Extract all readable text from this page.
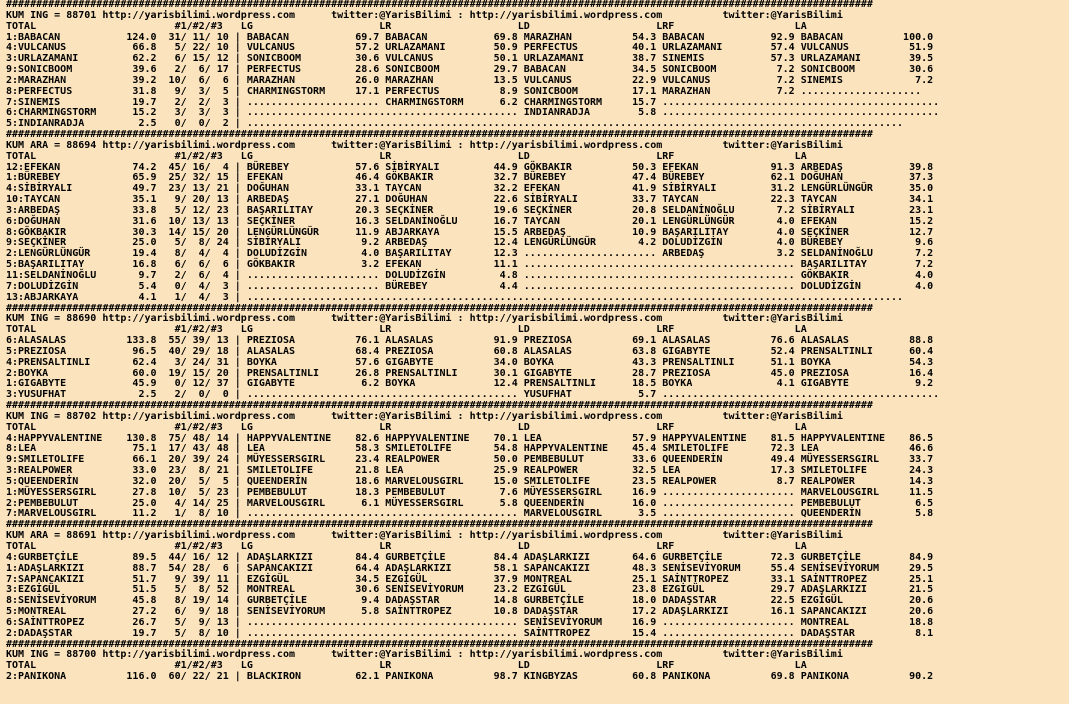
################################################################################################################################################
KUM ING = 88701 http://yarisbilimi.wordpress.com      twitter:@YarisBilimi : http://yarisbilimi.wordpress.com          twitter:@YarisBilimi
TOTAL                       #1/#2/#3   LG                     LR                     LD                     LRF                    LA
1:BABACAN           124.0  31/ 11/ 10 | BABACAN           69.7 BABACAN           69.8 MARAZHAN          54.3 BABACAN           92.9 BABACAN          100.0
4:VULCANUS           66.8   5/ 22/ 10 | VULCANUS          57.2 URLAZAMANI        50.9 PERFECTUS         40.1 URLAZAMANI        57.4 VULCANUS          51.9
3:URLAZAMANI         62.2   6/ 15/ 12 | SONICBOOM         30.6 VULCANUS          50.1 URLAZAMANI        38.7 SINEMIS           57.3 URLAZAMANI        39.5
9:SONICBOOM          39.6   2/  6/ 17 | PERFECTUS         28.6 SONICBOOM         29.7 BABACAN           34.5 SONICBOOM          7.2 SONICBOOM         30.6
2:MARAZHAN           39.2  10/  6/  6 | MARAZHAN          26.0 MARAZHAN          13.5 VULCANUS          22.9 VULCANUS           7.2 SINEMIS            7.2
8:PERFECTUS          31.8   9/  3/  5 | CHARMINGSTORM     17.1 PERFECTUS          8.9 SONICBOOM         17.1 MARAZHAN           7.2 ....................
7:SINEMIS            19.7   2/  2/  3 | ...................... CHARMINGSTORM      6.2 CHARMINGSTORM     15.7 ..............................................
6:CHARMINGSTORM      15.2   3/  3/  3 | ............................................. INDIANRADJA        5.8 ..............................................
5:INDIANRADJA         2.5   0/  0/  2 | .............................................................................................................
################################################################################################################################################
KUM ARA = 88694 http://yarisbilimi.wordpress.com      twitter:@YarisBilimi : http://yarisbilimi.wordpress.com          twitter:@YarisBilimi
TOTAL                       #1/#2/#3   LG                     LR                     LD                     LRF                    LA
12:EFEKAN            74.2  45/ 16/  4 | BÜREBEY           57.6 SİBİRYALI         44.9 GÖKBAKIR          50.3 EFEKAN            91.3 ARBEDAŞ           39.8
1:BÜREBEY            65.9  25/ 32/ 15 | EFEKAN            46.4 GÖKBAKIR          32.7 BÜREBEY           47.4 BÜREBEY           62.1 DOĞUHAN           37.3
4:SİBİRYALI          49.7  23/ 13/ 21 | DOĞUHAN           33.1 TAYCAN            32.2 EFEKAN            41.9 SİBİRYALI         31.2 LENGÜRLÜNGÜR      35.0
10:TAYCAN            35.1   9/ 20/ 13 | ARBEDAŞ           27.1 DOĞUHAN           22.6 SİBİRYALI         33.7 TAYCAN            22.3 TAYCAN            34.1
3:ARBEDAŞ            33.8   5/ 12/ 23 | BAŞARILITAY       20.3 SEÇKİNER          19.6 SEÇKİNER          20.8 SELDANİNOĞLU       7.2 SİBİRYALI         23.1
6:DOĞUHAN            31.6  10/ 13/ 13 | SEÇKİNER          16.3 SELDANİNOĞLU      16.7 TAYCAN            20.1 LENGÜRLÜNGÜR       4.0 EFEKAN            15.2
8:GÖKBAKIR           30.3  14/ 15/ 20 | LENGÜRLÜNGÜR      11.9 ABJARKAYA         15.5 ARBEDAŞ           10.9 BAŞARILITAY        4.0 SEÇKİNER          12.7
9:SEÇKİNER           25.0   5/  8/ 24 | SİBİRYALI          9.2 ARBEDAŞ           12.4 LENGÜRLÜNGÜR       4.2 DOLUDİZGİN         4.0 BÜREBEY            9.6
2:LENGÜRLÜNGÜR       19.4   8/  4/  4 | DOLUDİZGİN         4.0 BAŞARILITAY       12.3 ...................... ARBEDAŞ            3.2 SELDANİNOĞLU       7.2
5:BAŞARILITAY        16.8   6/  6/  6 | GÖKBAKIR           3.2 EFEKAN            11.1 ............................................. BAŞARILITAY        7.2
11:SELDANİNOĞLU       9.7   2/  6/  4 | ...................... DOLUDİZGİN         4.8 ............................................. GÖKBAKIR           4.0
7:DOLUDİZGİN          5.4   0/  4/  3 | ...................... BÜREBEY            4.4 ............................................. DOLUDİZGİN         4.0
13:ABJARKAYA          4.1   1/  4/  3 | .............................................................................................................
################################################################################################################################################
KUM ING = 88690 http://yarisbilimi.wordpress.com      twitter:@YarisBilimi : http://yarisbilimi.wordpress.com          twitter:@YarisBilimi
TOTAL                       #1/#2/#3   LG                     LR                     LD                     LRF                    LA
6:ALASALAS          133.8  55/ 39/ 13 | PREZIOSA          76.1 ALASALAS          91.9 PREZIOSA          69.1 ALASALAS          76.6 ALASALAS          88.8
5:PREZIOSA           96.5  40/ 29/ 18 | ALASALAS          68.4 PREZIOSA          60.8 ALASALAS          63.8 GIGABYTE          52.4 PRENSALTINLI      60.4
4:PRENSALTINLI       62.4   3/ 24/ 31 | BOYKA             57.6 GIGABYTE          34.0 BOYKA             43.3 PRENSALTINLI      51.1 BOYKA             54.3
2:BOYKA              60.0  19/ 15/ 20 | PRENSALTINLI      26.8 PRENSALTINLI      30.1 GIGABYTE          28.7 PREZIOSA          45.0 PREZIOSA          16.4
1:GIGABYTE           45.9   0/ 12/ 37 | GIGABYTE           6.2 BOYKA             12.4 PRENSALTINLI      18.5 BOYKA              4.1 GIGABYTE           9.2
3:YUSUFHAT            2.5   2/  0/  0 | ............................................. YUSUFHAT           5.7 ..............................................
################################################################################################################################################
KUM ING = 88702 http://yarisbilimi.wordpress.com      twitter:@YarisBilimi : http://yarisbilimi.wordpress.com          twitter:@YarisBilimi
TOTAL                       #1/#2/#3   LG                     LR                     LD                     LRF                    LA
4:HAPPYVALENTINE    130.8  75/ 48/ 14 | HAPPYVALENTINE    82.6 HAPPYVALENTINE    70.1 LEA               57.9 HAPPYVALENTINE    81.5 HAPPYVALENTINE    86.5
8:LEA                75.1  17/ 43/ 48 | LEA               58.3 SMILETOLIFE       54.8 HAPPYVALENTINE    45.4 SMILETOLIFE       72.3 LEA               46.6
9:SMILETOLIFE        66.1  20/ 39/ 24 | MÜYESSERSGIRL     23.4 REALPOWER         50.0 PEMBEBULUT        33.6 QUEENDERİN        49.4 MÜYESSERSGIRL     33.7
3:REALPOWER          33.0  23/  8/ 21 | SMILETOLIFE       21.8 LEA               25.9 REALPOWER         32.5 LEA               17.3 SMILETOLIFE       24.3
5:QUEENDERİN         32.0  20/  5/  5 | QUEENDERİN        18.6 MARVELOUSGIRL     15.0 SMILETOLIFE       23.5 REALPOWER          8.7 REALPOWER         14.3
1:MÜYESSERSGIRL      27.8  10/  5/ 23 | PEMBEBULUT        18.3 PEMBEBULUT         7.6 MÜYESSERSGIRL     16.9 ...................... MARVELOUSGIRL     11.5
2:PEMBEBULUT         25.0   4/ 14/ 25 | MARVELOUSGIRL      6.1 MÜYESSERSGIRL      5.8 QUEENDERİN        16.0 ...................... PEMBEBULUT         6.5
7:MARVELOUSGIRL      11.2   1/  8/ 10 | ............................................. MARVELOUSGIRL      3.5 ...................... QUEENDERİN         5.8
################################################################################################################################################
KUM ARA = 88691 http://yarisbilimi.wordpress.com      twitter:@YarisBilimi : http://yarisbilimi.wordpress.com          twitter:@YarisBilimi
TOTAL                       #1/#2/#3   LG                     LR                     LD                     LRF                    LA
4:GURBETÇİLE         89.5  44/ 16/ 12 | ADAŞLARKIZI       84.4 GURBETÇİLE        84.4 ADAŞLARKIZI       64.6 GURBETÇİLE        72.3 GURBETÇİLE        84.9
1:ADAŞLARKIZI        88.7  54/ 28/  6 | SAPANCAKIZI       64.4 ADAŞLARKIZI       58.1 SAPANCAKIZI       48.3 SENİSEVİYORUM     55.4 SENİSEVİYORUM     29.5
7:SAPANCAKIZI        51.7   9/ 39/ 11 | EZGİGÜL           34.5 EZGİGÜL           37.9 MONTREAL          25.1 SAİNTTROPEZ       33.1 SAİNTTROPEZ       25.1
3:EZGİGÜL            51.5   5/  8/ 52 | MONTREAL          30.6 SENİSEVİYORUM     23.2 EZGİGÜL           23.8 EZGİGÜL           29.7 ADAŞLARKIZI       21.5
8:SENİSEVİYORUM      45.8   8/ 19/ 14 | GURBETÇİLE         9.4 DADAŞSTAR         14.8 GURBETÇİLE        18.0 DADAŞSTAR         22.5 EZGİGÜL           20.6
5:MONTREAL           27.2   6/  9/ 18 | SENİSEVİYORUM      5.8 SAİNTTROPEZ       10.8 DADAŞSTAR         17.2 ADAŞLARKIZI       16.1 SAPANCAKIZI       20.6
6:SAİNTTROPEZ        26.7   5/  9/ 13 | ............................................. SENİSEVİYORUM     16.9 ...................... MONTREAL          18.8
2:DADAŞSTAR          19.7   5/  8/ 10 | ............................................. SAİNTTROPEZ       15.4 ...................... DADAŞSTAR          8.1
################################################################################################################################################
KUM ING = 88700 http://yarisbilimi.wordpress.com      twitter:@YarisBilimi : http://yarisbilimi.wordpress.com          twitter:@YarisBilimi
TOTAL                       #1/#2/#3   LG                     LR                     LD                     LRF                    LA
2:PANIKONA          116.0  60/ 22/ 21 | BLACKIRON         62.1 PANIKONA          98.7 KINGBYZAS         60.8 PANIKONA          69.8 PANIKONA          90.2
